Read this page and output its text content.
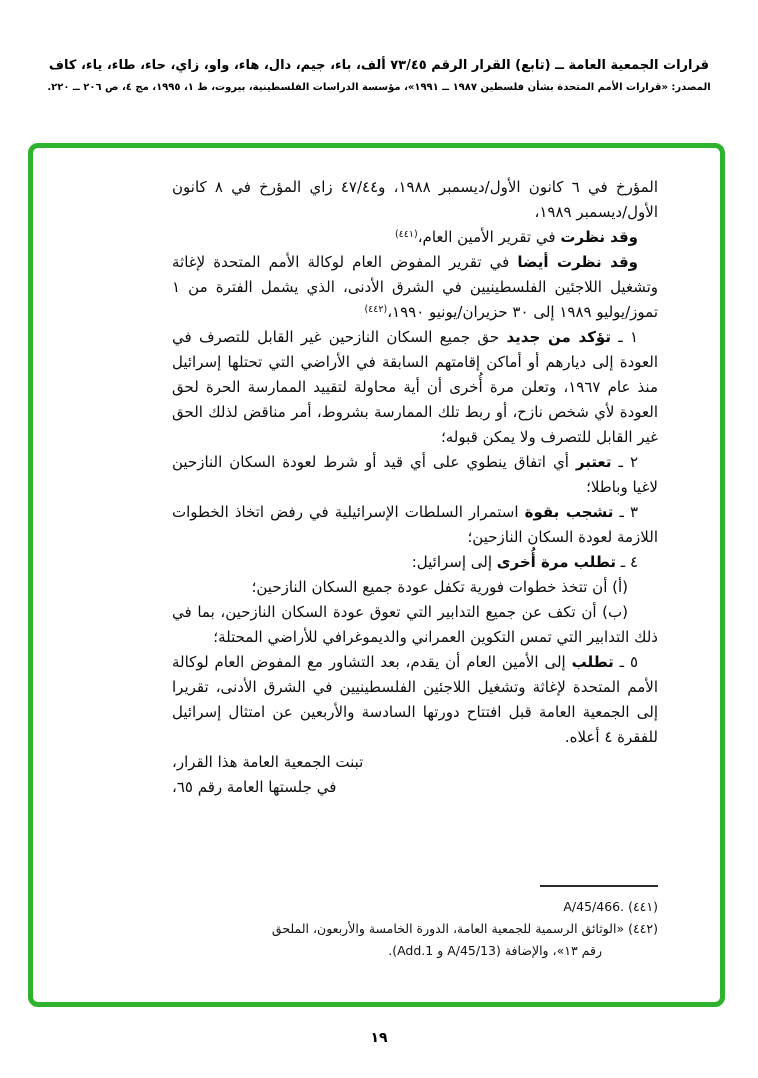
قرارات الجمعية العامة ــ (تابع) القرار الرقم ٧٣/٤٥ ألف، باء، جيم، دال، هاء، واو، زاي، حاء، طاء، ياء، كاف
المصدر: «قرارات الأمم المتحدة بشأن فلسطين ١٩٨٧ ــ ١٩٩١»، مؤسسة الدراسات الفلسطينية، بيروت، ط ١، ١٩٩٥، مج ٤، ص ٢٠٦ ــ ٢٢٠.

المؤرخ في ٦ كانون الأول/ديسمبر ١٩٨٨، و٤٧/٤٤ زاي المؤرخ في ٨ كانون الأول/ديسمبر ١٩٨٩،

وقد نظرت في تقرير الأمين العام،$^{(٤٤١)}$

وقد نظرت أيضا في تقرير المفوض العام لوكالة الأمم المتحدة لإغاثة وتشغيل اللاجئين الفلسطينيين في الشرق الأدنى، الذي يشمل الفترة من ١ تموز/يوليو ١٩٨٩ إلى ٣٠ حزيران/يونيو ١٩٩٠،$^{(٤٤٢)}$

١ ـ تؤكد من جديد حق جميع السكان النازحين غير القابل للتصرف في العودة إلى ديارهم أو أماكن إقامتهم السابقة في الأراضي التي تحتلها إسرائيل منذ عام ١٩٦٧، وتعلن مرة أُخرى أن أية محاولة لتقييد الممارسة الحرة لحق العودة لأي شخص نازح، أو ربط تلك الممارسة بشروط، أمر مناقض لذلك الحق غير القابل للتصرف ولا يمكن قبوله؛

٢ ـ تعتبر أي اتفاق ينطوي على أي قيد أو شرط لعودة السكان النازحين لاغيا وباطلا؛

٣ ـ تشجب بقوة استمرار السلطات الإسرائيلية في رفض اتخاذ الخطوات اللازمة لعودة السكان النازحين؛

٤ ـ تطلب مرة أُخرى إلى إسرائيل:

(أ) أن تتخذ خطوات فورية تكفل عودة جميع السكان النازحين؛

(ب) أن تكف عن جميع التدابير التي تعوق عودة السكان النازحين، بما في ذلك التدابير التي تمس التكوين العمراني والديموغرافي للأراضي المحتلة؛

٥ ـ تطلب إلى الأمين العام أن يقدم، بعد التشاور مع المفوض العام لوكالة الأمم المتحدة لإغاثة وتشغيل اللاجئين الفلسطينيين في الشرق الأدنى، تقريرا إلى الجمعية العامة قبل افتتاح دورتها السادسة والأربعين عن امتثال إسرائيل للفقرة ٤ أعلاه.

تبنت الجمعية العامة هذا القرار،

في جلستها العامة رقم ٦٥،

(٤٤١) A/45/466.
(٤٤٢) «الوثائق الرسمية للجمعية العامة، الدورة الخامسة والأربعون، الملحق
رقم ١٣»، والإضافة (A/45/13 و Add.1).
١٩
